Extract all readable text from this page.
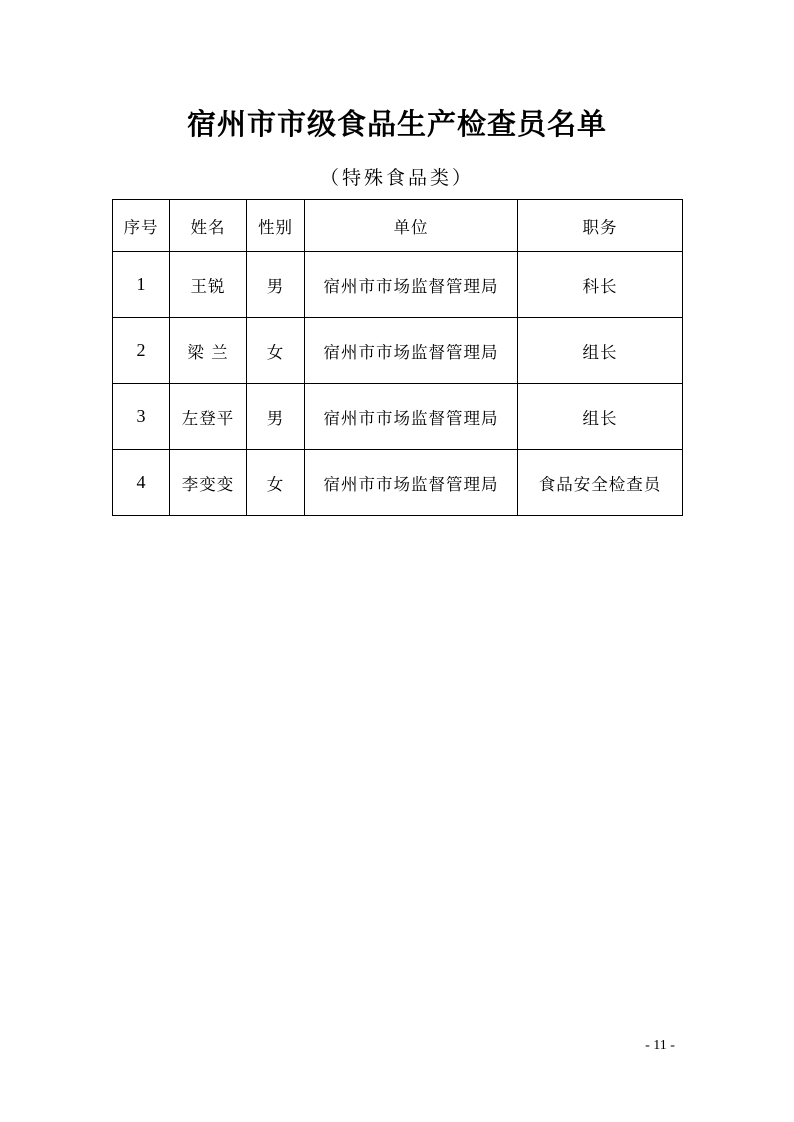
宿州市市级食品生产检查员名单
（特殊食品类）
序号	姓名	性别	单位	职务
1	王锐	男	宿州市市场监督管理局	科长
2	梁 兰	女	宿州市市场监督管理局	组长
3	左登平	男	宿州市市场监督管理局	组长
4	李变变	女	宿州市市场监督管理局	食品安全检查员
- 11 -
